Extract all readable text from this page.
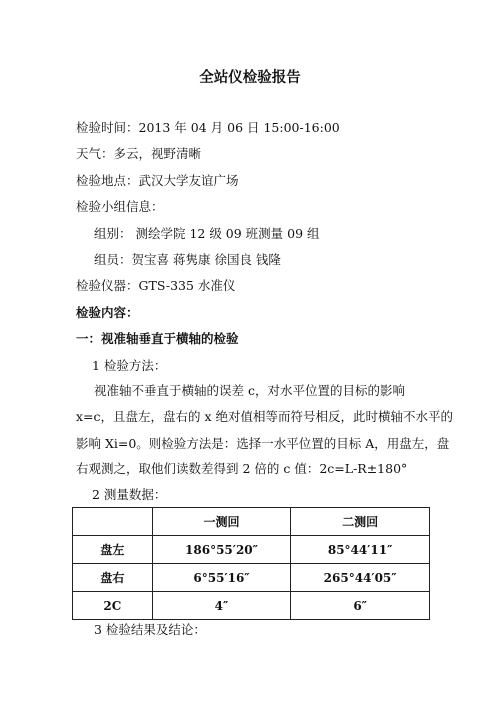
全站仪检验报告
检验时间：2013 年 04 月 06 日 15:00-16:00
天气：多云，视野清晰
检验地点：武汉大学友谊广场
检验小组信息：
组别： 测绘学院 12 级 09 班测量 09 组
组员：贺宝喜 蒋隽康 徐国良 钱隆
检验仪器：GTS-335 水准仪
检验内容：
一：视准轴垂直于横轴的检验
1 检验方法：
视准轴不垂直于横轴的误差 c，对水平位置的目标的影响
x=c，且盘左，盘右的 x 绝对值相等而符号相反，此时横轴不水平的
影响 Xi=0。则检验方法是：选择一水平位置的目标 A，用盘左，盘
右观测之，取他们读数差得到 2 倍的 c 值：2c=L-R±180°
2 测量数据：
	一测回	二测回
盘左	186°55′20″	85°44′11″
盘右	6°55′16″	265°44′05″
2C	4″	6″
3 检验结果及结论：
